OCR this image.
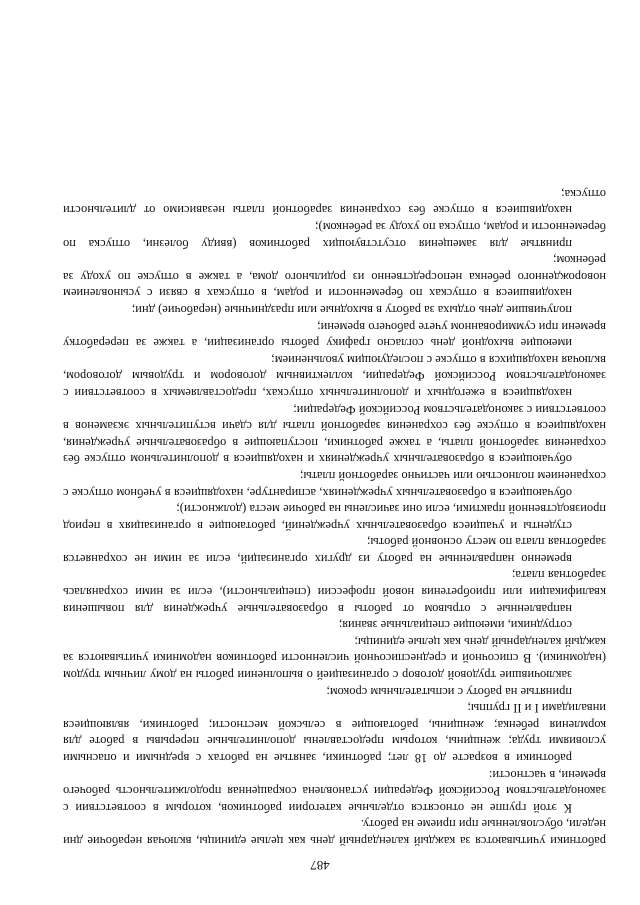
487

работники учитываются за каждый календарный день как целые единицы, включая нерабочие дни недели, обусловленные при приеме на работу.

К этой группе не относятся отдельные категории работников, которым в соответствии с законодательством Российской Федерации установлена сокращенная продолжительность рабочего времени, в частности:

работники в возрасте до 18 лет; работники, занятые на работах с вредными и опасными условиями труда; женщины, которым предоставлены дополнительные перерывы в работе для кормления ребенка; женщины, работающие в сельской местности; работники, являющиеся инвалидами I и II группы;

принятые на работу с испытательным сроком;

заключившие трудовой договор с организацией о выполнении работы на дому личным трудом (надомники). В списочной и среднесписочной численности работников надомники учитываются за каждый календарный день как целые единицы;

сотрудники, имеющие специальные звания;

направленные с отрывом от работы в образовательные учреждения для повышения квалификации или приобретения новой профессии (специальности), если за ними сохранялась заработная плата;

временно направленные на работу из других организаций, если за ними не сохраняется заработная плата по месту основной работы;

студенты и учащиеся образовательных учреждений, работающие в организациях в период производственной практики, если они зачислены на рабочие места (должности);

обучающиеся в образовательных учреждениях, аспирантуре, находящиеся в учебном отпуске с сохранением полностью или частично заработной платы;

обучающиеся в образовательных учреждениях и находящиеся в дополнительном отпуске без сохранения заработной платы, а также работники, поступающие в образовательные учреждения, находящиеся в отпуске без сохранения заработной платы для сдачи вступительных экзаменов в соответствии с законодательством Российской Федерации;

находящиеся в ежегодных и дополнительных отпусках, предоставляемых в соответствии с законодательством Российской Федерации, коллективным договором и трудовым договором, включая находящихся в отпуске с последующим увольнением;

имеющие выходной день согласно графику работы организации, а также за переработку времени при суммированном учете рабочего времени;

получившие день отдыха за работу в выходные или праздничные (нерабочие) дни;

находившиеся в отпусках по беременности и родам, в отпусках в связи с усыновлением новорожденного ребенка непосредственно из родильного дома, а также в отпуске по уходу за ребенком;

принятые для замещения отсутствующих работников (ввиду болезни, отпуска по беременности и родам, отпуска по уходу за ребенком);

находившиеся в отпуске без сохранения заработной платы независимо от длительности отпуска;
